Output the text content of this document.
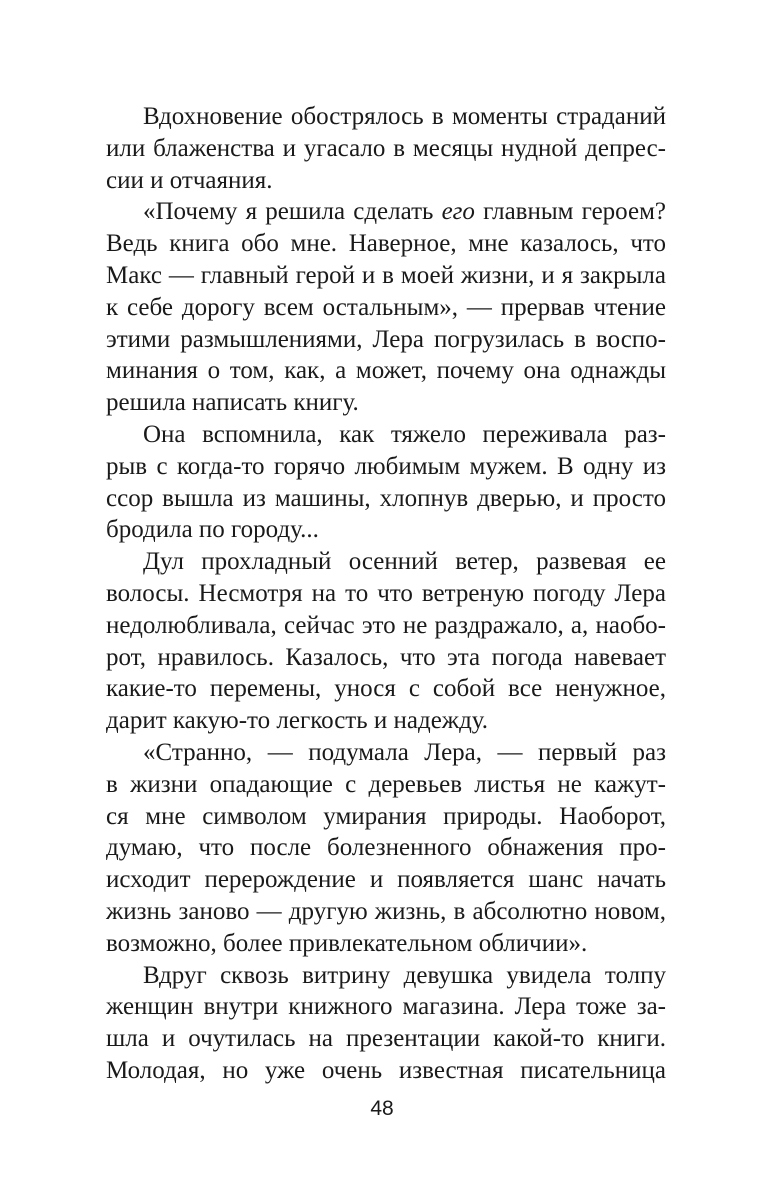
Вдохновение обострялось в моменты страданий
или блаженства и угасало в месяцы нудной депрес-
сии и отчаяния.
«Почему я решила сделать его главным героем?
Ведь книга обо мне. Наверное, мне казалось, что
Макс — главный герой и в моей жизни, и я закрыла
к себе дорогу всем остальным», — прервав чтение
этими размышлениями, Лера погрузилась в воспо-
минания о том, как, а может, почему она однажды
решила написать книгу.
Она вспомнила, как тяжело переживала раз-
рыв с когда-то горячо любимым мужем. В одну из
ссор вышла из машины, хлопнув дверью, и просто
бродила по городу...
Дул прохладный осенний ветер, развевая ее
волосы. Несмотря на то что ветреную погоду Лера
недолюбливала, сейчас это не раздражало, а, наобо-
рот, нравилось. Казалось, что эта погода навевает
какие-то перемены, унося с собой все ненужное,
дарит какую-то легкость и надежду.
«Странно, — подумала Лера, — первый раз
в жизни опадающие с деревьев листья не кажут-
ся мне символом умирания природы. Наоборот,
думаю, что после болезненного обнажения про-
исходит перерождение и появляется шанс начать
жизнь заново — другую жизнь, в абсолютно новом,
возможно, более привлекательном обличии».
Вдруг сквозь витрину девушка увидела толпу
женщин внутри книжного магазина. Лера тоже за-
шла и очутилась на презентации какой-то книги.
Молодая, но уже очень известная писательница
48
